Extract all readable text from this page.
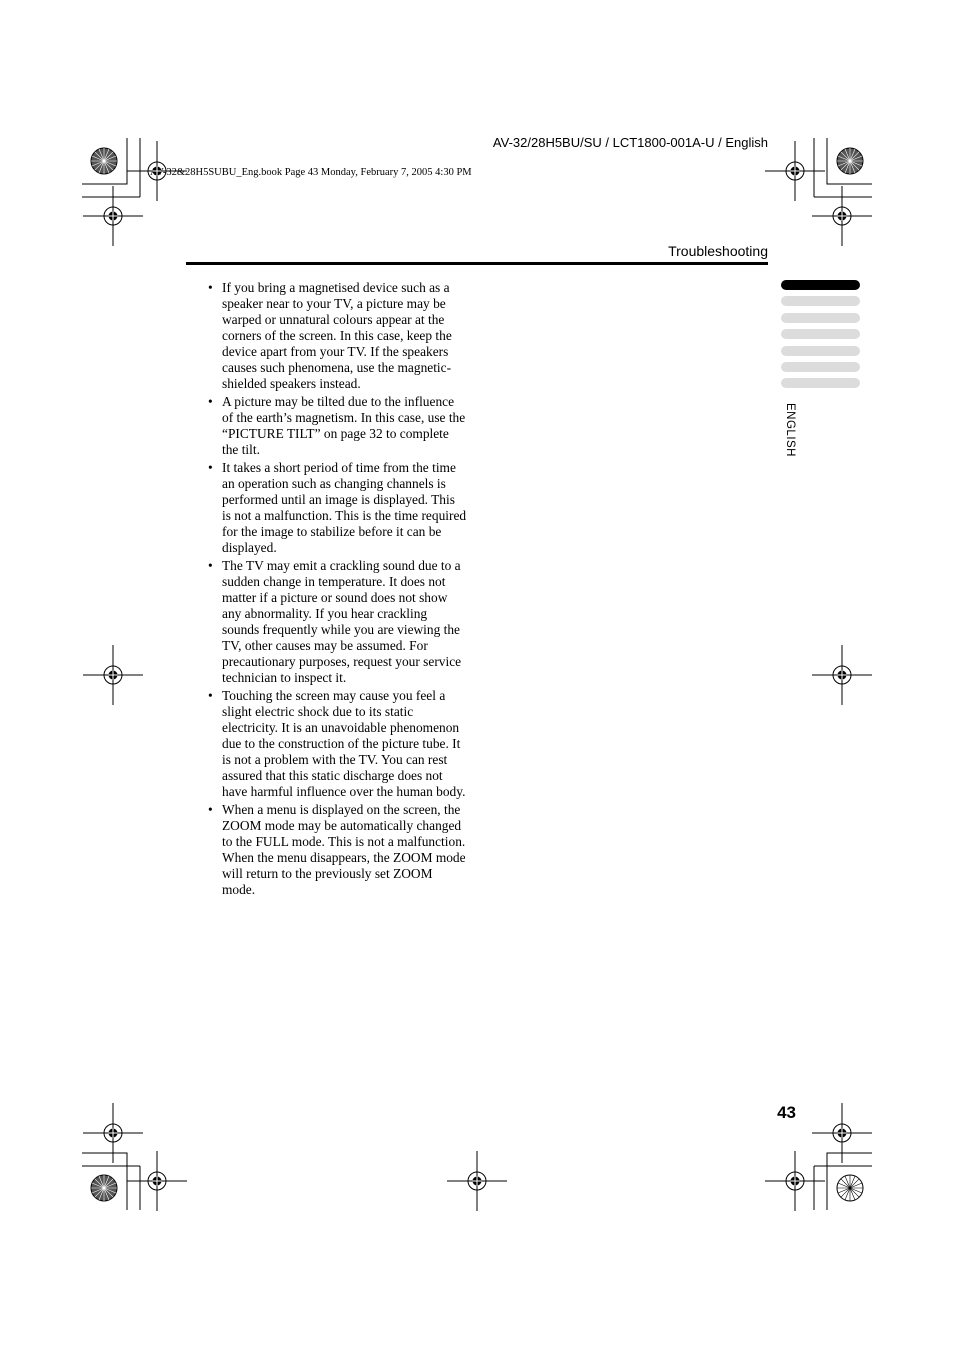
AV-32/28H5BU/SU / LCT1800-001A-U / English
AV-32&28H5SUBU_Eng.book Page 43 Monday, February 7, 2005 4:30 PM
Troubleshooting
ENGLISH
• If you bring a magnetised device such as a speaker near to your TV, a picture may be warped or unnatural colours appear at the corners of the screen. In this case, keep the device apart from your TV. If the speakers causes such phenomena, use the magnetic-shielded speakers instead.
• A picture may be tilted due to the influence of the earth’s magnetism. In this case, use the “PICTURE TILT” on page 32 to complete the tilt.
• It takes a short period of time from the time an operation such as changing channels is performed until an image is displayed. This is not a malfunction. This is the time required for the image to stabilize before it can be displayed.
• The TV may emit a crackling sound due to a sudden change in temperature. It does not matter if a picture or sound does not show any abnormality. If you hear crackling sounds frequently while you are viewing the TV, other causes may be assumed. For precautionary purposes, request your service technician to inspect it.
• Touching the screen may cause you feel a slight electric shock due to its static electricity. It is an unavoidable phenomenon due to the construction of the picture tube. It is not a problem with the TV. You can rest assured that this static discharge does not have harmful influence over the human body.
• When a menu is displayed on the screen, the ZOOM mode may be automatically changed to the FULL mode. This is not a malfunction. When the menu disappears, the ZOOM mode will return to the previously set ZOOM mode.
43
